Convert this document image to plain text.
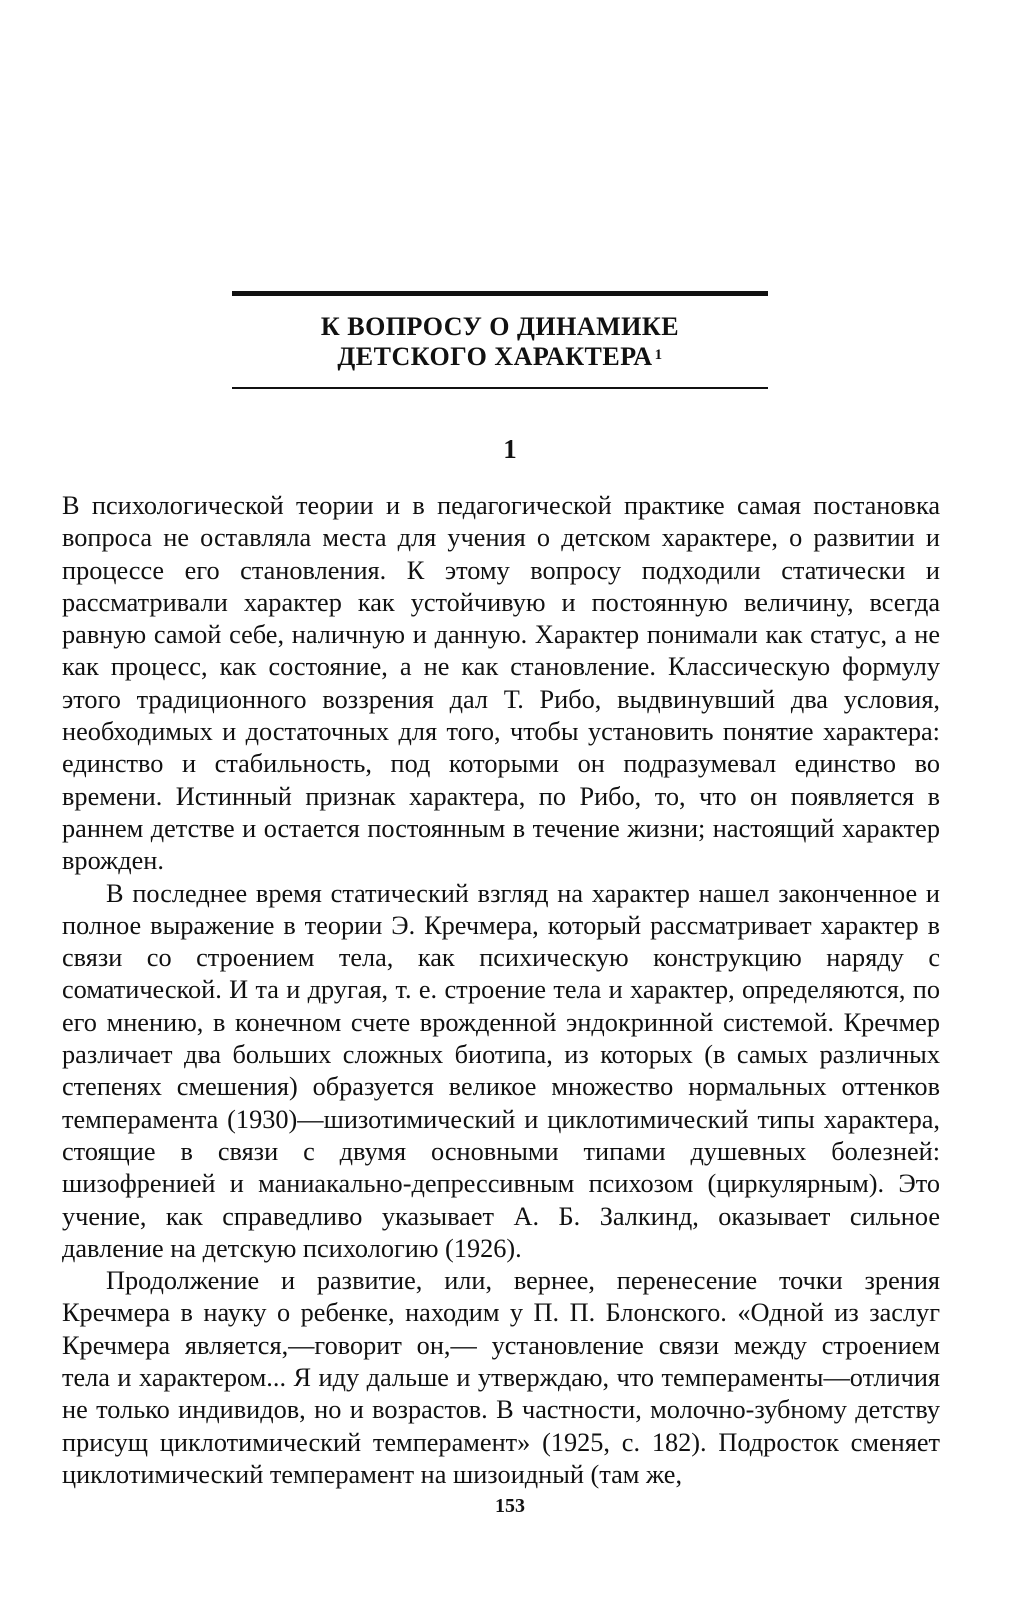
К ВОПРОСУ О ДИНАМИКЕ
ДЕТСКОГО ХАРАКТЕРА $^1$
1

В психологической теории и в педагогической практике самая постановка вопроса не оставляла места для учения о детском характере, о развитии и процессе его становления. К этому вопросу подходили статически и рассматривали характер как устойчивую и постоянную величину, всегда равную самой себе, наличную и данную. Характер понимали как статус, а не как процесс, как состояние, а не как становление. Классическую формулу этого традиционного воззрения дал Т. Рибо, выдвинувший два условия, необходимых и достаточных для того, чтобы установить понятие характера: единство и стабильность, под которыми он подразумевал единство во времени. Истинный признак характера, по Рибо, то, что он появляется в раннем детстве и остается постоянным в течение жизни; настоящий характер врожден.

В последнее время статический взгляд на характер нашел законченное и полное выражение в теории Э. Кречмера, который рассматривает характер в связи со строением тела, как психическую конструкцию наряду с соматической. И та и другая, т. е. строение тела и характер, определяются, по его мнению, в конечном счете врожденной эндокринной системой. Кречмер различает два больших сложных биотипа, из которых (в самых различных степенях смешения) образуется великое множество нормальных оттенков темперамента (1930)—шизотимический и циклотимический типы характера, стоящие в связи с двумя основными типами душевных болезней: шизофренией и маниакально-депрессивным психозом (циркулярным). Это учение, как справедливо указывает А. Б. Залкинд, оказывает сильное давление на детскую психологию (1926).

Продолжение и развитие, или, вернее, перенесение точки зрения Кречмера в науку о ребенке, находим у П. П. Блонского. «Одной из заслуг Кречмера является,—говорит он,— установление связи между строением тела и характером... Я иду дальше и утверждаю, что темпераменты—отличия не только индивидов, но и возрастов. В частности, молочно-зубному детству присущ циклотимический темперамент» (1925, с. 182). Подросток сменяет циклотимический темперамент на шизоидный (там же,

153
